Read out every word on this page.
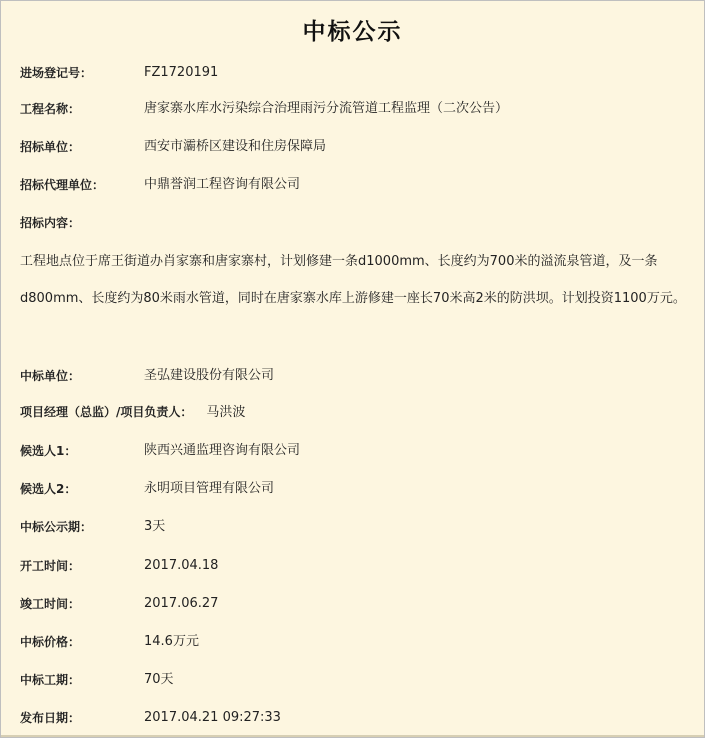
中标公示
进场登记号：	FZ1720191
工程名称：	唐家寨水库水污染综合治理雨污分流管道工程监理（二次公告）
招标单位：	西安市灞桥区建设和住房保障局
招标代理单位：	中鼎誉润工程咨询有限公司
招标内容：
工程地点位于席王街道办肖家寨和唐家寨村，计划修建一条d1000mm、长度约为700米的溢流泉管道，及一条d800mm、长度约为80米雨水管道，同时在唐家寨水库上游修建一座长70米高2米的防洪坝。计划投资1100万元。
中标单位：	圣弘建设股份有限公司
项目经理（总监）/项目负责人： 马洪波
候选人1：	陕西兴通监理咨询有限公司
候选人2：	永明项目管理有限公司
中标公示期：	3天
开工时间：	2017.04.18
竣工时间：	2017.06.27
中标价格：	14.6万元
中标工期：	70天
发布日期：	2017.04.21 09:27:33
